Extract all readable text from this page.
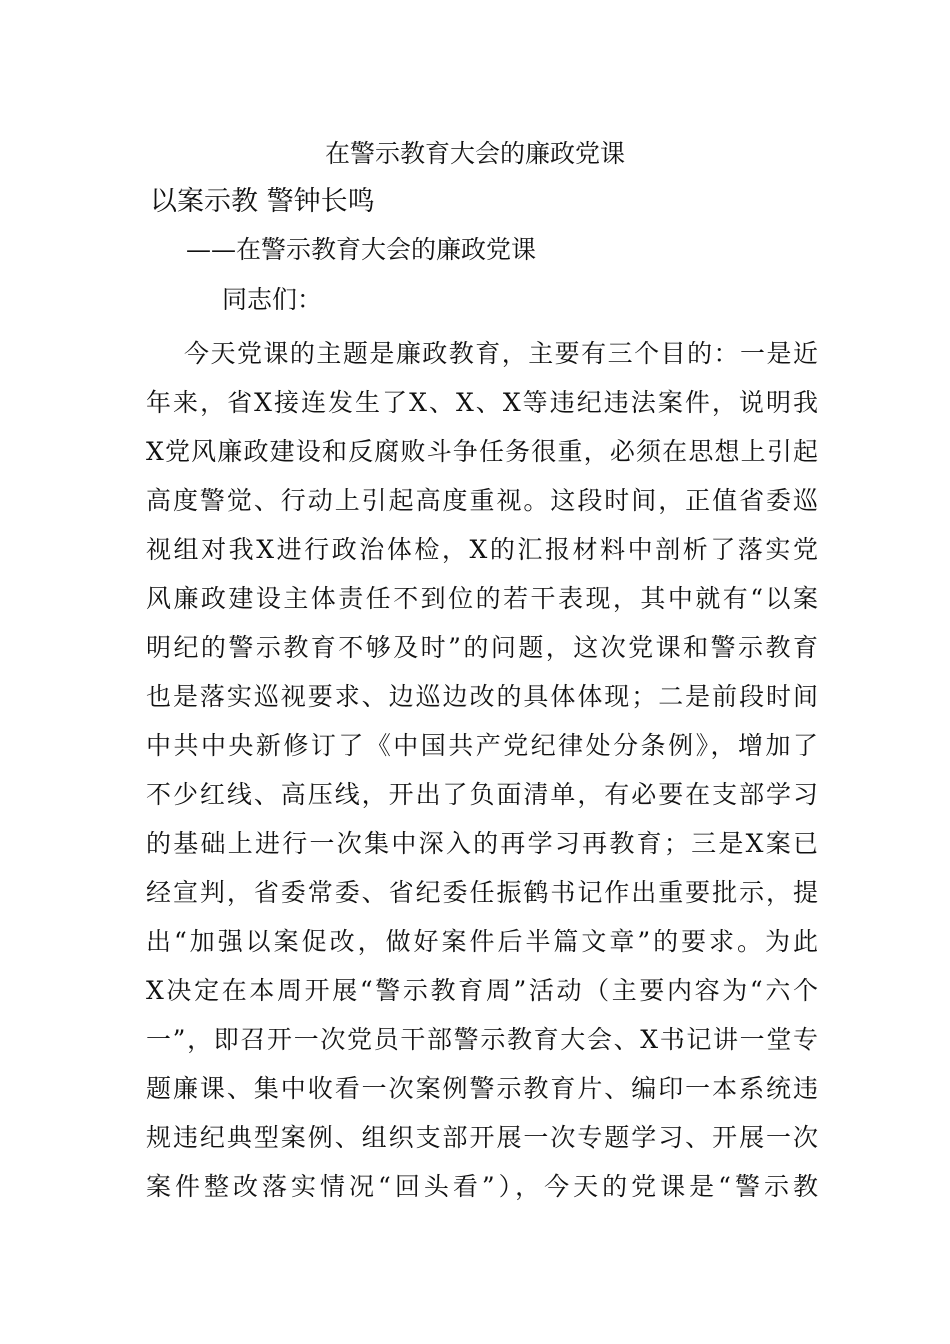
在警示教育大会的廉政党课
以案示教 警钟长鸣
——在警示教育大会的廉政党课
同志们：
今天党课的主题是廉政教育，主要有三个目的：一是近
年来，省X接连发生了X、X、X等违纪违法案件，说明我
X党风廉政建设和反腐败斗争任务很重，必须在思想上引起
高度警觉、行动上引起高度重视。这段时间，正值省委巡
视组对我X进行政治体检，X的汇报材料中剖析了落实党
风廉政建设主体责任不到位的若干表现，其中就有“以案
明纪的警示教育不够及时”的问题，这次党课和警示教育
也是落实巡视要求、边巡边改的具体体现；二是前段时间
中共中央新修订了《中国共产党纪律处分条例》，增加了
不少红线、高压线，开出了负面清单，有必要在支部学习
的基础上进行一次集中深入的再学习再教育；三是X案已
经宣判，省委常委、省纪委任振鹤书记作出重要批示，提
出“加强以案促改，做好案件后半篇文章”的要求。为此
X决定在本周开展“警示教育周”活动（主要内容为“六个
一”，即召开一次党员干部警示教育大会、X书记讲一堂专
题廉课、集中收看一次案例警示教育片、编印一本系统违
规违纪典型案例、组织支部开展一次专题学习、开展一次
案件整改落实情况“回头看”），今天的党课是“警示教
